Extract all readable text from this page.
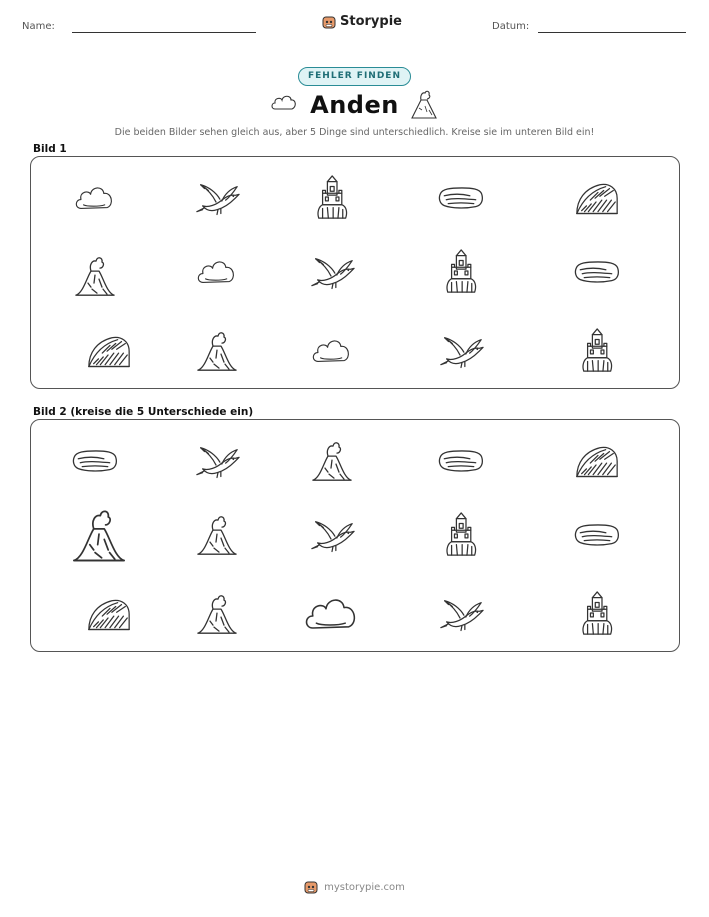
Name:	Storypie	Datum:
FEHLER FINDEN
Anden
Die beiden Bilder sehen gleich aus, aber 5 Dinge sind unterschiedlich. Kreise sie im unteren Bild ein!
Bild 1
Bild 2 (kreise die 5 Unterschiede ein)
mystorypie.com
